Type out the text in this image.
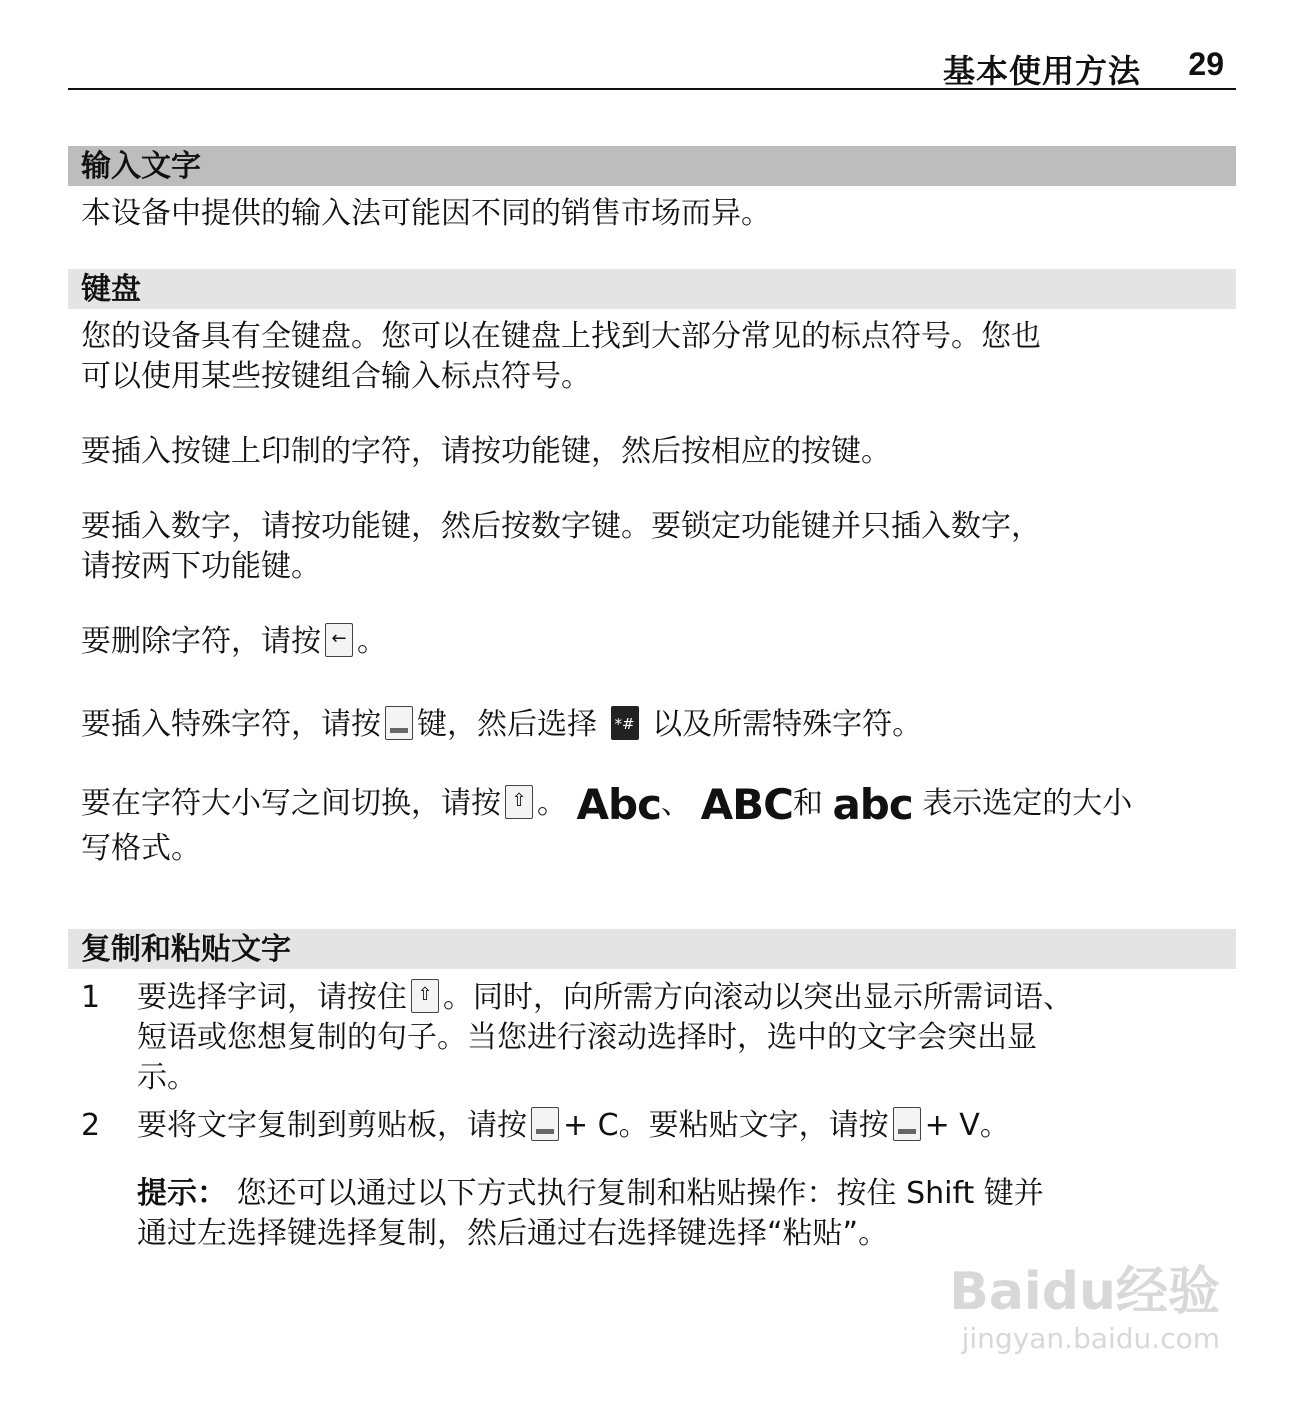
基本使用方法 29
输入文字
本设备中提供的输入法可能因不同的销售市场而异。
键盘
您的设备具有全键盘。您可以在键盘上找到大部分常见的标点符号。您也
可以使用某些按键组合输入标点符号。
要插入按键上印制的字符，请按功能键，然后按相应的按键。
要插入数字，请按功能键，然后按数字键。要锁定功能键并只插入数字，
请按两下功能键。
要删除字符，请按 ← 。
要插入特殊字符，请按 键，然后选择 *# 以及所需特殊字符。
要在字符大小写之间切换，请按 ⇧ 。 Abc、 ABC和 abc 表示选定的大小
写格式。
复制和粘贴文字
1 要选择字词，请按住 ⇧ 。同时，向所需方向滚动以突出显示所需词语、
短语或您想复制的句子。当您进行滚动选择时，选中的文字会突出显
示。
2 要将文字复制到剪贴板，请按 + C。要粘贴文字，请按 + V。
提示： 您还可以通过以下方式执行复制和粘贴操作：按住 Shift 键并
通过左选择键选择复制，然后通过右选择键选择“粘贴”。
Baidu经验
jingyan.baidu.com
